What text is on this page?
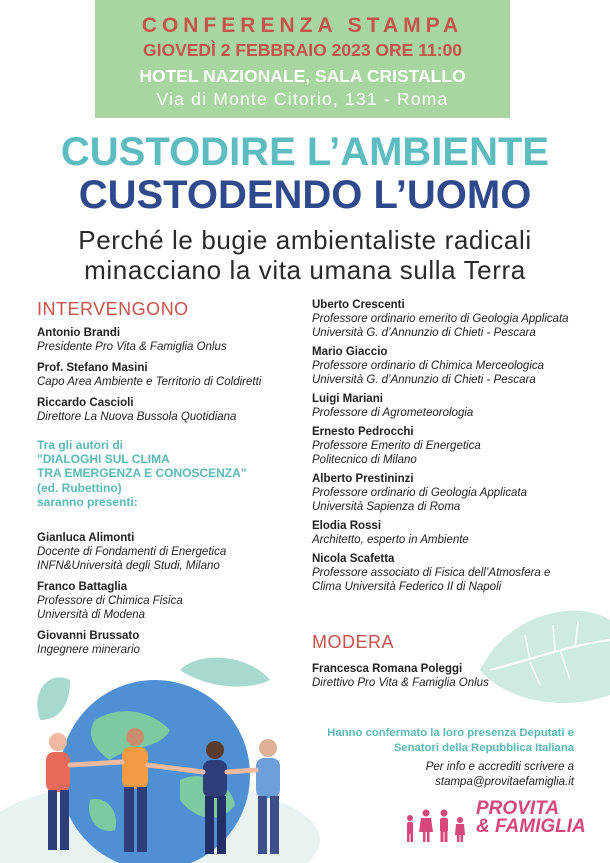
CONFERENZA STAMPA
GIOVEDÌ 2 FEBBRAIO 2023 ORE 11:00
HOTEL NAZIONALE, SALA CRISTALLO
Via di Monte Citorio, 131 - Roma
CUSTODIRE L’AMBIENTE
CUSTODENDO L’UOMO
Perché le bugie ambientaliste radicali
minacciano la vita umana sulla Terra
INTERVENGONO
Antonio Brandi
Presidente Pro Vita & Famiglia Onlus
Prof. Stefano Masini
Capo Area Ambiente e Territorio di Coldiretti
Riccardo Cascioli
Direttore La Nuova Bussola Quotidiana
Tra gli autori di
"DIALOGHI SUL CLIMA
TRA EMERGENZA E CONOSCENZA"
(ed. Rubettino)
saranno presenti:
Gianluca Alimonti
Docente di Fondamenti di Energetica
INFN&Università degli Studi, Milano
Franco Battaglia
Professore di Chimica Fisica
Università di Modena
Giovanni Brussato
Ingegnere minerario
Uberto Crescenti
Professore ordinario emerito di Geologia Applicata
Università G. d’Annunzio di Chieti - Pescara
Mario Giaccio
Professore ordinario di Chimica Merceologica
Università G. d’Annunzio di Chieti - Pescara
Luigi Mariani
Professore di Agrometeorologia
Ernesto Pedrocchi
Professore Emerito di Energetica
Politecnico di Milano
Alberto Prestininzi
Professore ordinario di Geologia Applicata
Università Sapienza di Roma
Elodia Rossi
Architetto, esperto in Ambiente
Nicola Scafetta
Professore associato di Fisica dell’Atmosfera e
Clima Università Federico II di Napoli
MODERA
Francesca Romana Poleggi
Direttivo Pro Vita & Famiglia Onlus
Hanno confermato la loro presenza Deputati e
Senatori della Repubblica Italiana
Per info e accrediti scrivere a
stampa@provitaefamiglia.it
PROVITA
& FAMIGLIA
